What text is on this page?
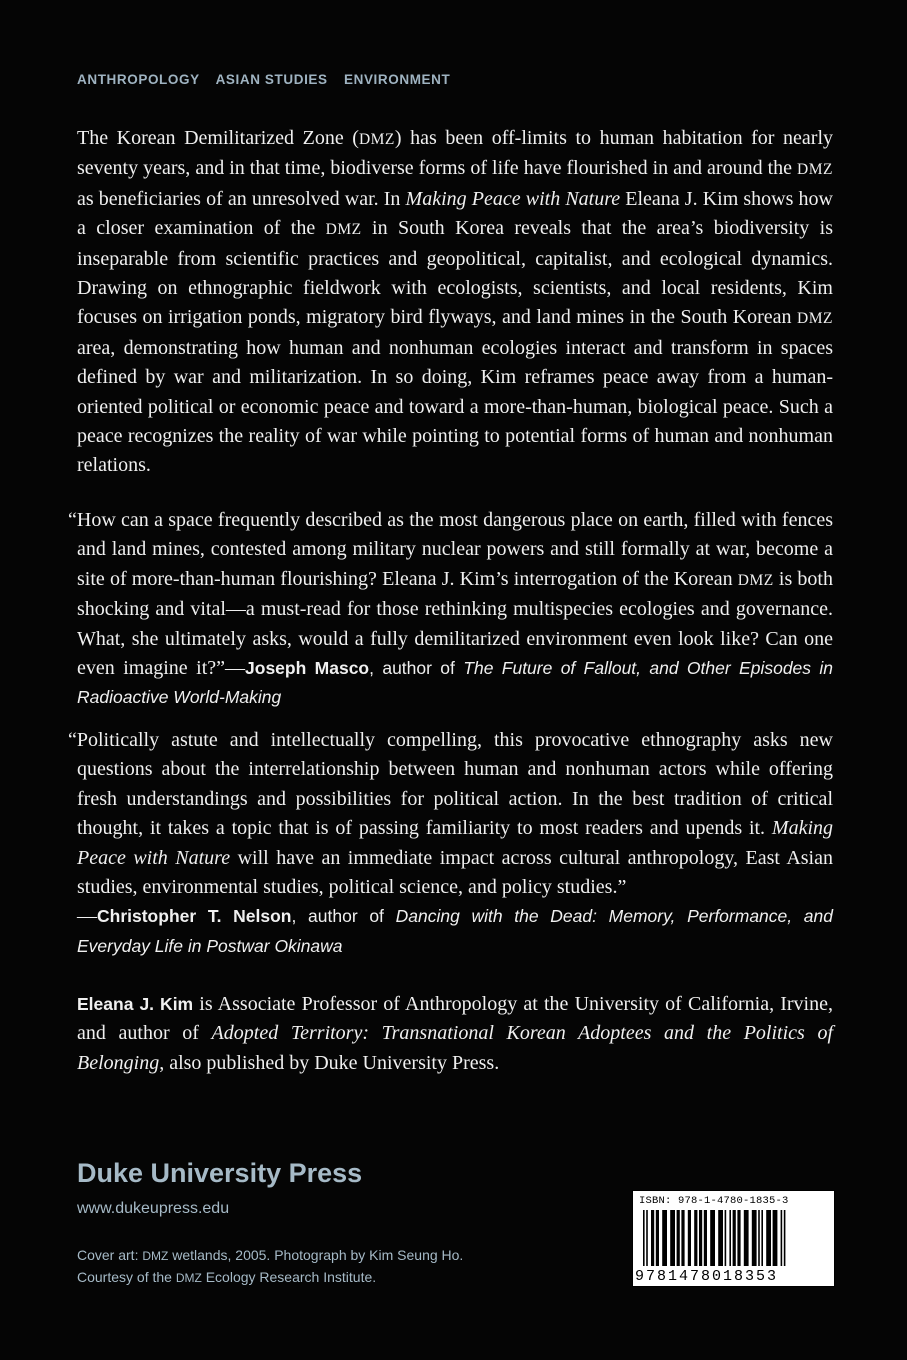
ANTHROPOLOGY ASIAN STUDIES ENVIRONMENT
The Korean Demilitarized Zone (DMZ) has been off-limits to human habitation for nearly seventy years, and in that time, biodiverse forms of life have flourished in and around the DMZ as beneficiaries of an unresolved war. In Making Peace with Nature Eleana J. Kim shows how a closer examination of the DMZ in South Korea reveals that the area’s biodiversity is inseparable from scientific practices and geopolitical, capitalist, and ecological dynamics. Drawing on ethnographic fieldwork with ecologists, scientists, and local residents, Kim focuses on irrigation ponds, migratory bird flyways, and land mines in the South Korean DMZ area, demonstrating how human and nonhuman ecologies interact and transform in spaces defined by war and militarization. In so doing, Kim reframes peace away from a human-oriented political or economic peace and toward a more-than-human, biological peace. Such a peace recognizes the reality of war while pointing to potential forms of human and nonhuman relations.
“How can a space frequently described as the most dangerous place on earth, filled with fences and land mines, contested among military nuclear powers and still formally at war, become a site of more-than-human flourishing? Eleana J. Kim’s interrogation of the Korean DMZ is both shocking and vital—a must-read for those rethinking multispecies ecologies and governance. What, she ultimately asks, would a fully demilitarized environment even look like? Can one even imagine it?”—Joseph Masco, author of The Future of Fallout, and Other Episodes in Radioactive World-Making
“Politically astute and intellectually compelling, this provocative ethnography asks new questions about the interrelationship between human and nonhuman actors while offering fresh understandings and possibilities for political action. In the best tradition of critical thought, it takes a topic that is of passing familiarity to most readers and upends it. Making Peace with Nature will have an immediate impact across cultural anthropology, East Asian studies, environmental studies, political science, and policy studies.”
—Christopher T. Nelson, author of Dancing with the Dead: Memory, Performance, and Everyday Life in Postwar Okinawa
Eleana J. Kim is Associate Professor of Anthropology at the University of California, Irvine, and author of Adopted Territory: Transnational Korean Adoptees and the Politics of Belonging, also published by Duke University Press.
Duke University Press
www.dukeupress.edu
Cover art: DMZ wetlands, 2005. Photograph by Kim Seung Ho.
Courtesy of the DMZ Ecology Research Institute.
ISBN: 978-1-4780-1835-3
9781478018353
